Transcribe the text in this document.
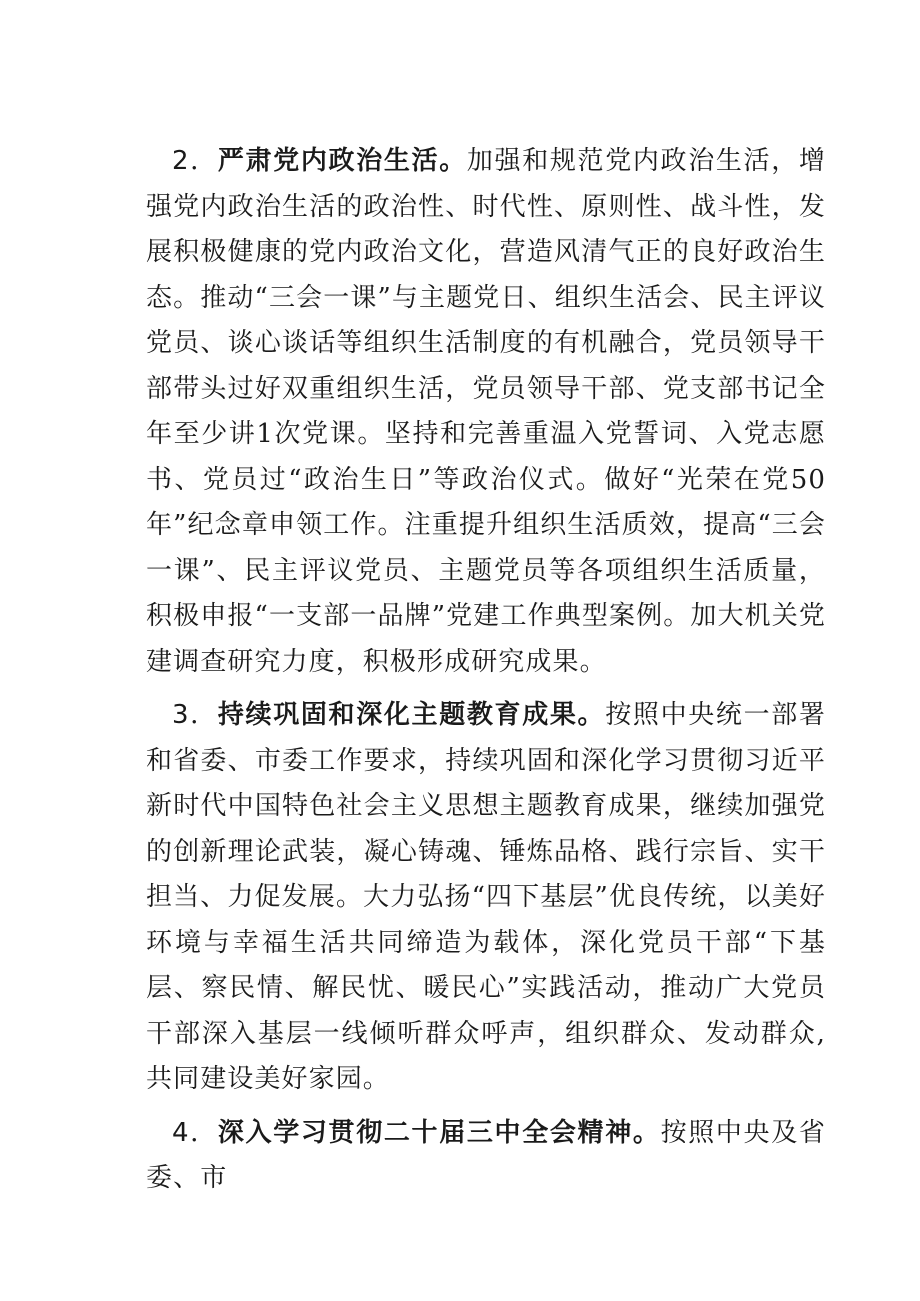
2．严肃党内政治生活。加强和规范党内政治生活，增强党内政治生活的政治性、时代性、原则性、战斗性，发展积极健康的党内政治文化，营造风清气正的良好政治生态。推动“三会一课”与主题党日、组织生活会、民主评议党员、谈心谈话等组织生活制度的有机融合，党员领导干部带头过好双重组织生活，党员领导干部、党支部书记全年至少讲1次党课。坚持和完善重温入党誓词、入党志愿书、党员过“政治生日”等政治仪式。做好“光荣在党50年”纪念章申领工作。注重提升组织生活质效，提高“三会一课”、民主评议党员、主题党员等各项组织生活质量，积极申报“一支部一品牌”党建工作典型案例。加大机关党建调查研究力度，积极形成研究成果。

3．持续巩固和深化主题教育成果。按照中央统一部署和省委、市委工作要求，持续巩固和深化学习贯彻习近平新时代中国特色社会主义思想主题教育成果，继续加强党的创新理论武装，凝心铸魂、锤炼品格、践行宗旨、实干担当、力促发展。大力弘扬“四下基层”优良传统，以美好环境与幸福生活共同缔造为载体，深化党员干部“下基层、察民情、解民忧、暖民心”实践活动，推动广大党员干部深入基层一线倾听群众呼声，组织群众、发动群众,共同建设美好家园。

4．深入学习贯彻二十届三中全会精神。按照中央及省委、市
